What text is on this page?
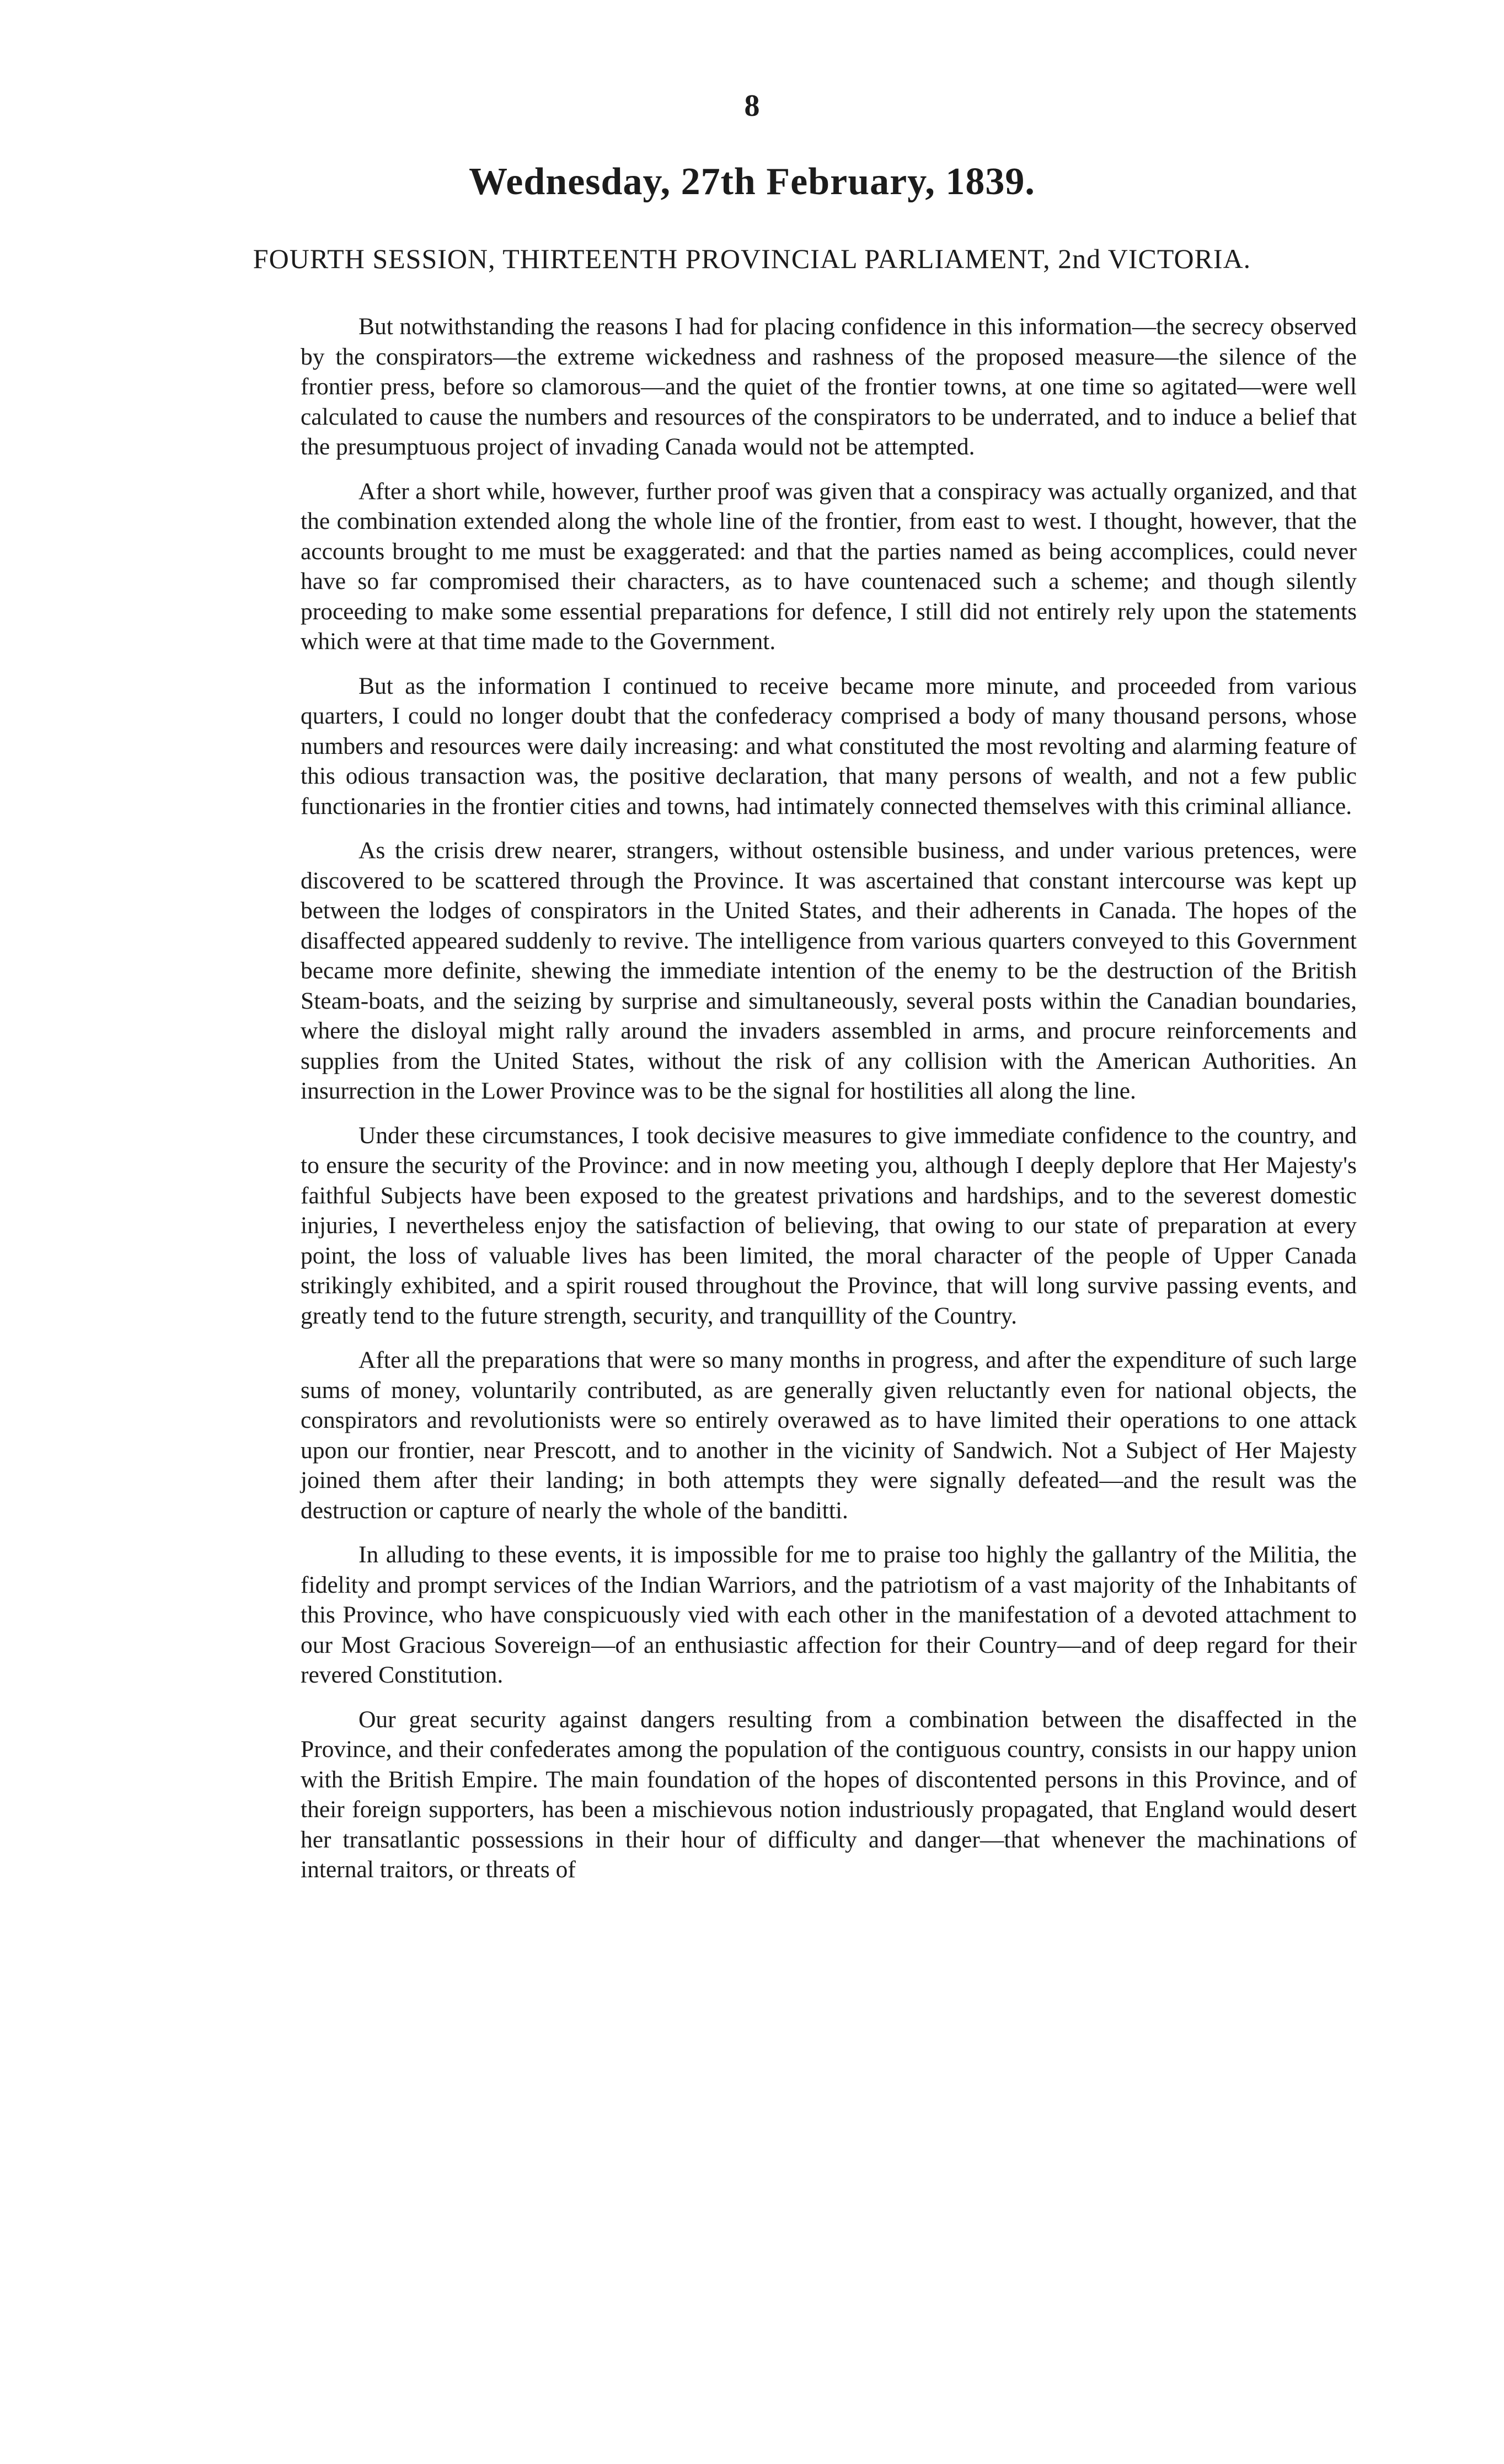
8
Wednesday, 27th February, 1839.
FOURTH SESSION, THIRTEENTH PROVINCIAL PARLIAMENT, 2nd VICTORIA.

But notwithstanding the reasons I had for placing confidence in this information—the secrecy observed by the conspirators—the extreme wickedness and rashness of the proposed measure—the silence of the frontier press, before so clamorous—and the quiet of the frontier towns, at one time so agitated—were well calculated to cause the numbers and resources of the conspirators to be underrated, and to induce a belief that the presumptuous project of invading Canada would not be attempted.

After a short while, however, further proof was given that a conspiracy was actually organized, and that the combination extended along the whole line of the frontier, from east to west. I thought, however, that the accounts brought to me must be exaggerated: and that the parties named as being accomplices, could never have so far compromised their characters, as to have countenaced such a scheme; and though silently proceeding to make some essential preparations for defence, I still did not entirely rely upon the statements which were at that time made to the Government.

But as the information I continued to receive became more minute, and proceeded from various quarters, I could no longer doubt that the confederacy comprised a body of many thousand persons, whose numbers and resources were daily increasing: and what constituted the most revolting and alarming feature of this odious transaction was, the positive declaration, that many persons of wealth, and not a few public functionaries in the frontier cities and towns, had intimately connected themselves with this criminal alliance.

As the crisis drew nearer, strangers, without ostensible business, and under various pretences, were discovered to be scattered through the Province. It was ascertained that constant intercourse was kept up between the lodges of conspirators in the United States, and their adherents in Canada. The hopes of the disaffected appeared suddenly to revive. The intelligence from various quarters conveyed to this Government became more definite, shewing the immediate intention of the enemy to be the destruction of the British Steam-boats, and the seizing by surprise and simultaneously, several posts within the Canadian boundaries, where the disloyal might rally around the invaders assembled in arms, and procure reinforcements and supplies from the United States, without the risk of any collision with the American Authorities. An insurrection in the Lower Province was to be the signal for hostilities all along the line.

Under these circumstances, I took decisive measures to give immediate confidence to the country, and to ensure the security of the Province: and in now meeting you, although I deeply deplore that Her Majesty's faithful Subjects have been exposed to the greatest privations and hardships, and to the severest domestic injuries, I nevertheless enjoy the satisfaction of believing, that owing to our state of preparation at every point, the loss of valuable lives has been limited, the moral character of the people of Upper Canada strikingly exhibited, and a spirit roused throughout the Province, that will long survive passing events, and greatly tend to the future strength, security, and tranquillity of the Country.

After all the preparations that were so many months in progress, and after the expenditure of such large sums of money, voluntarily contributed, as are generally given reluctantly even for national objects, the conspirators and revolutionists were so entirely overawed as to have limited their operations to one attack upon our frontier, near Prescott, and to another in the vicinity of Sandwich. Not a Subject of Her Majesty joined them after their landing; in both attempts they were signally defeated—and the result was the destruction or capture of nearly the whole of the banditti.

In alluding to these events, it is impossible for me to praise too highly the gallantry of the Militia, the fidelity and prompt services of the Indian Warriors, and the patriotism of a vast majority of the Inhabitants of this Province, who have conspicuously vied with each other in the manifestation of a devoted attachment to our Most Gracious Sovereign—of an enthusiastic affection for their Country—and of deep regard for their revered Constitution.

Our great security against dangers resulting from a combination between the disaffected in the Province, and their confederates among the population of the contiguous country, consists in our happy union with the British Empire. The main foundation of the hopes of discontented persons in this Province, and of their foreign supporters, has been a mischievous notion industriously propagated, that England would desert her transatlantic possessions in their hour of difficulty and danger—that whenever the machinations of internal traitors, or threats of
